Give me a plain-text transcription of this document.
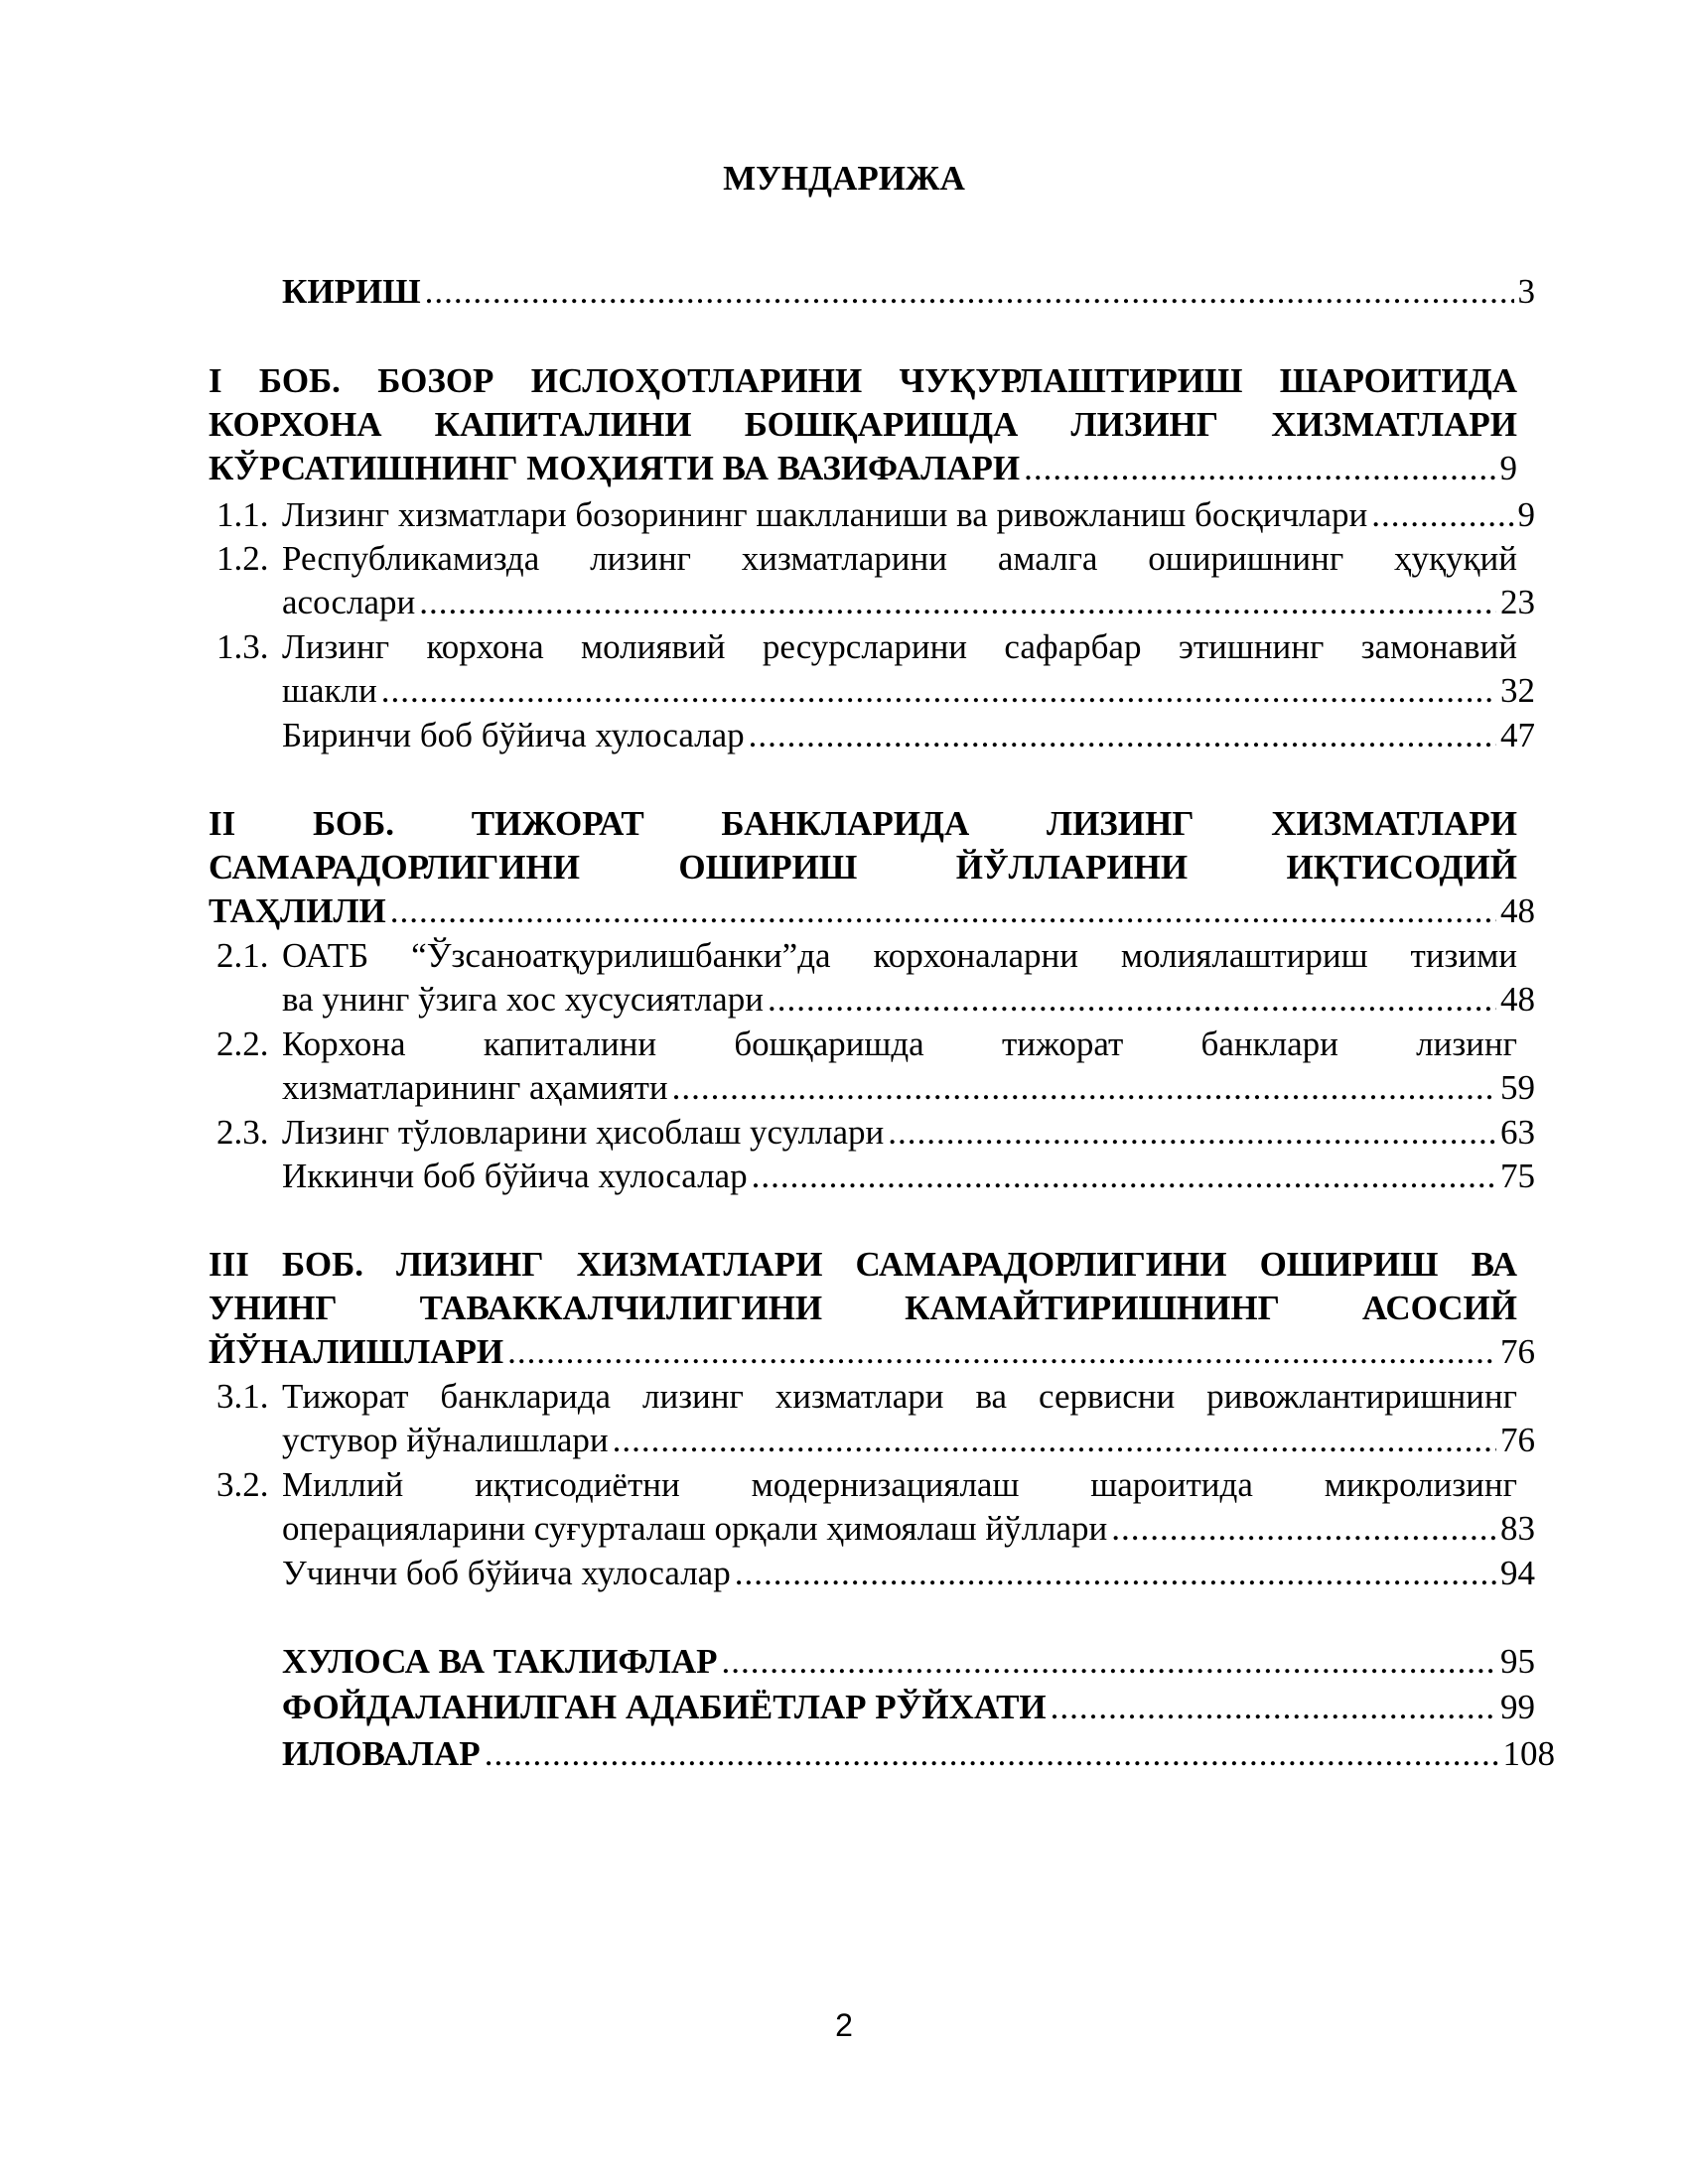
МУНДАРИЖА
КИРИШ .....	3
I БОБ. БОЗОР ИСЛОҲОТЛАРИНИ ЧУҚУРЛАШТИРИШ ШАРОИТИДА
КОРХОНА КАПИТАЛИНИ БОШҚАРИШДА ЛИЗИНГ ХИЗМАТЛАРИ
КЎРСАТИШНИНГ МОҲИЯТИ ВА ВАЗИФАЛАРИ .....	9
1.1. Лизинг хизматлари бозорининг шаклланиши ва ривожланиш босқичлари .....	9
1.2. Республикамизда лизинг хизматларини амалга оширишнинг ҳуқуқий
асослари .....	23
1.3. Лизинг корхона молиявий ресурсларини сафарбар этишнинг замонавий
шакли .....	32
Биринчи боб бўйича хулосалар .....	47
II БОБ. ТИЖОРАТ БАНКЛАРИДА ЛИЗИНГ ХИЗМАТЛАРИ
САМАРАДОРЛИГИНИ ОШИРИШ ЙЎЛЛАРИНИ ИҚТИСОДИЙ
ТАҲЛИЛИ .....	48
2.1. ОАТБ “Ўзсаноатқурилишбанки”да корхоналарни молиялаштириш тизими
ва унинг ўзига хос хусусиятлари .....	48
2.2. Корхона капиталини бошқаришда тижорат банклари лизинг
хизматларининг аҳамияти .....	59
2.3. Лизинг тўловларини ҳисоблаш усуллари .....	63
Иккинчи боб бўйича хулосалар .....	75
III БОБ. ЛИЗИНГ ХИЗМАТЛАРИ САМАРАДОРЛИГИНИ ОШИРИШ ВА
УНИНГ ТАВАККАЛЧИЛИГИНИ КАМАЙТИРИШНИНГ АСОСИЙ
ЙЎНАЛИШЛАРИ .....	76
3.1. Тижорат банкларида лизинг хизматлари ва сервисни ривожлантиришнинг
устувор йўналишлари .....	76
3.2. Миллий иқтисодиётни модернизациялаш шароитида микролизинг
операцияларини суғурталаш орқали ҳимоялаш йўллари .....	83
Учинчи боб бўйича хулосалар .....	94
ХУЛОСА ВА ТАКЛИФЛАР .....	95
ФОЙДАЛАНИЛГАН АДАБИЁТЛАР РЎЙХАТИ .....	99
ИЛОВАЛАР .....	108
2
